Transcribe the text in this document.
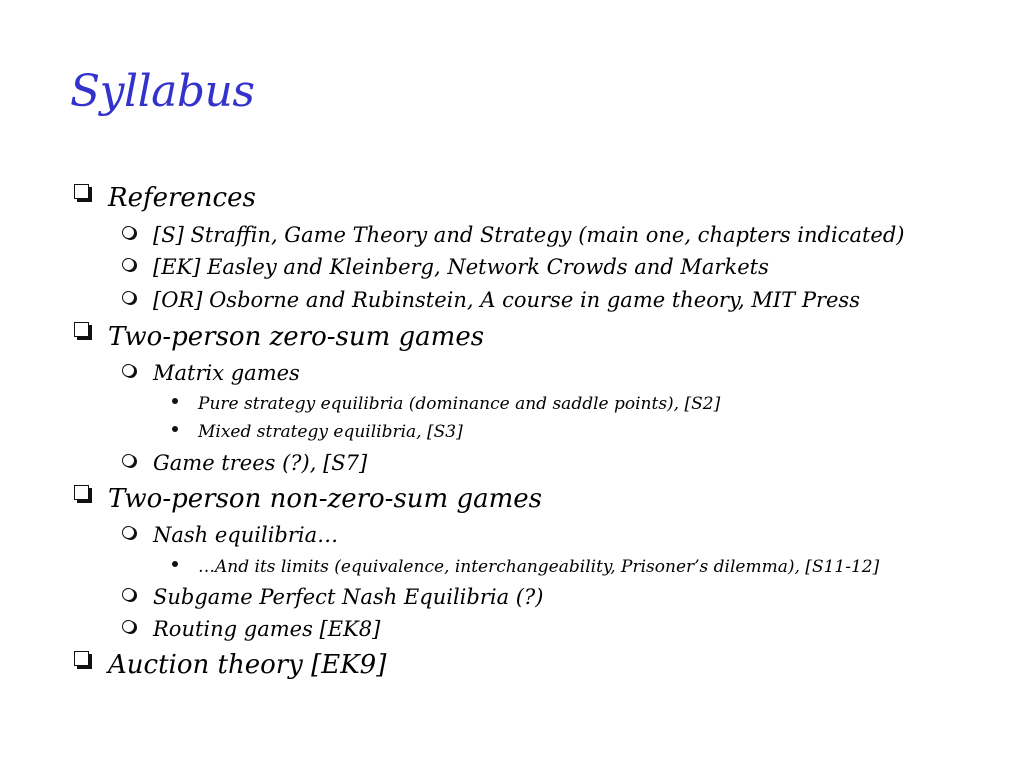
Syllabus
References
[S] Straffin, Game Theory and Strategy (main one, chapters indicated)
[EK] Easley and Kleinberg, Network Crowds and Markets
[OR] Osborne and Rubinstein, A course in game theory, MIT Press
Two-person zero-sum games
Matrix games
Pure strategy equilibria (dominance and saddle points), [S2]
Mixed strategy equilibria, [S3]
Game trees (?), [S7]
Two-person non-zero-sum games
Nash equilibria…
…And its limits (equivalence, interchangeability, Prisoner’s dilemma), [S11-12]
Subgame Perfect Nash Equilibria (?)
Routing games [EK8]
Auction theory [EK9]
